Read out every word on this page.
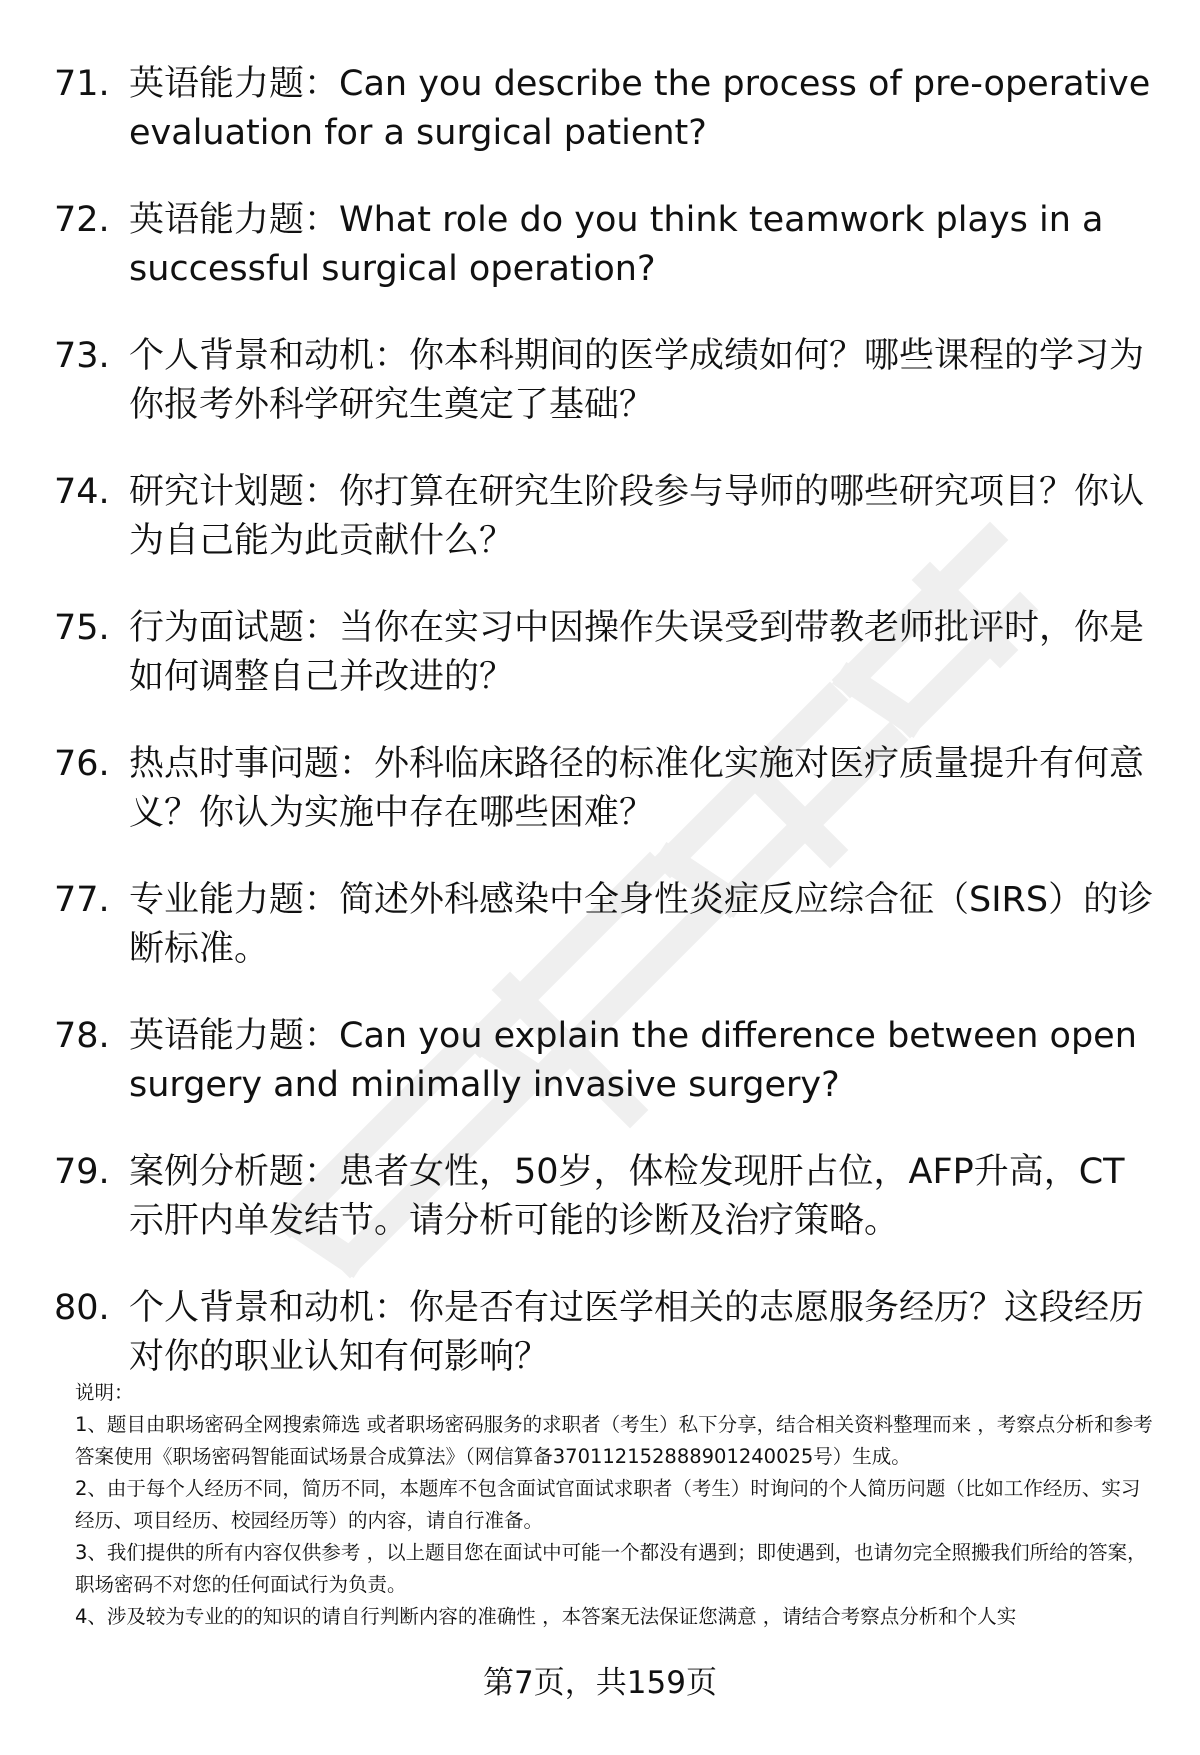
71. 英语能力题：Can you describe the process of pre-operative evaluation for a surgical patient?
72. 英语能力题：What role do you think teamwork plays in a successful surgical operation?
73. 个人背景和动机：你本科期间的医学成绩如何？哪些课程的学习为你报考外科学研究生奠定了基础？
74. 研究计划题：你打算在研究生阶段参与导师的哪些研究项目？你认为自己能为此贡献什么？
75. 行为面试题：当你在实习中因操作失误受到带教老师批评时，你是如何调整自己并改进的？
76. 热点时事问题：外科临床路径的标准化实施对医疗质量提升有何意义？你认为实施中存在哪些困难？
77. 专业能力题：简述外科感染中全身性炎症反应综合征（SIRS）的诊断标准。
78. 英语能力题：Can you explain the difference between open surgery and minimally invasive surgery?
79. 案例分析题：患者女性，50岁，体检发现肝占位，AFP升高，CT示肝内单发结节。请分析可能的诊断及治疗策略。
80. 个人背景和动机：你是否有过医学相关的志愿服务经历？这段经历对你的职业认知有何影响？

说明：

1、题目由职场密码全网搜索筛选 或者职场密码服务的求职者（考生）私下分享，结合相关资料整理而来 ，考察点分析和参考答案使用《职场密码智能面试场景合成算法》（网信算备370112152888901240025号）生成。

2、由于每个人经历不同，简历不同，本题库不包含面试官面试求职者（考生）时询问的个人简历问题（比如工作经历、实习经历、项目经历、校园经历等）的内容，请自行准备。

3、我们提供的所有内容仅供参考 ，以上题目您在面试中可能一个都没有遇到；即使遇到，也请勿完全照搬我们所给的答案，职场密码不对您的任何面试行为负责。

4、涉及较为专业的的知识的请自行判断内容的准确性 ，本答案无法保证您满意 ，请结合考察点分析和个人实

第7页，共159页
